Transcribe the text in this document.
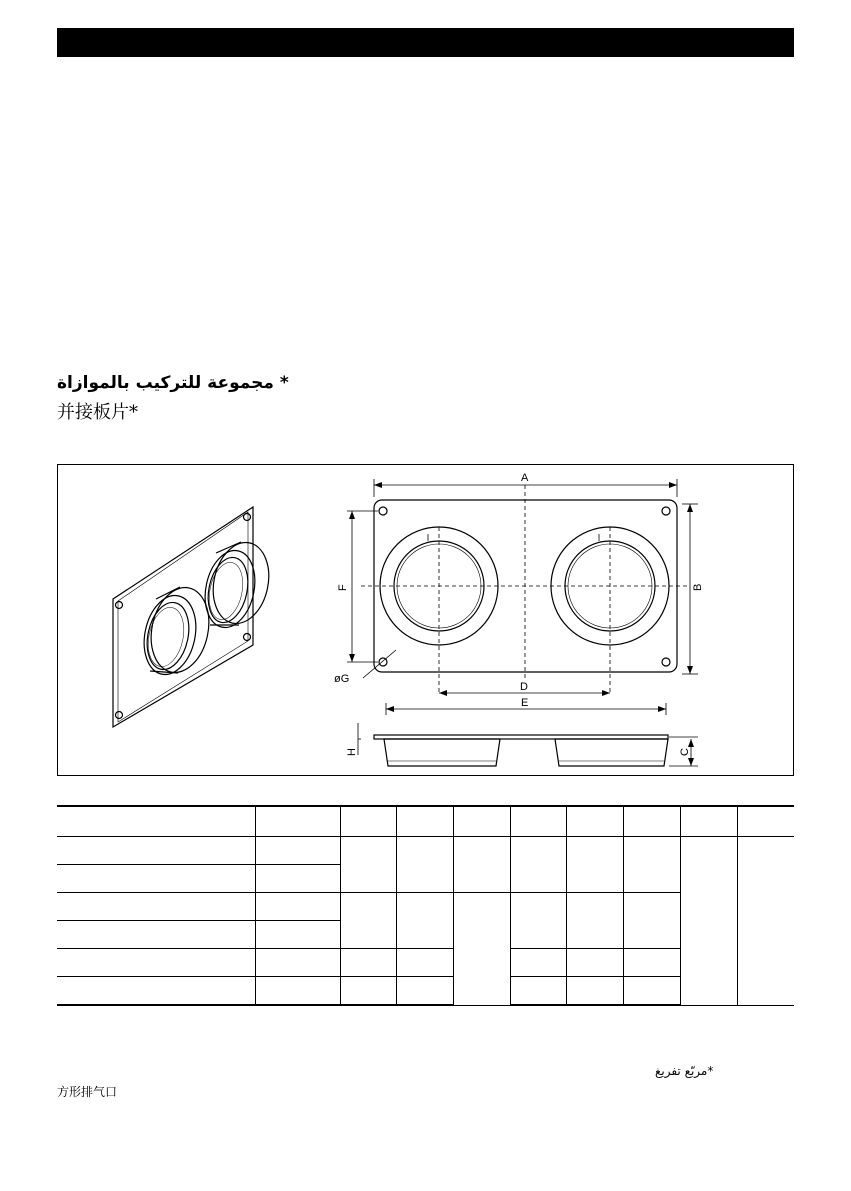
* مجموعة للتركيب بالموازاة
并接板片*
A
B
F
D
E
øG
H	C

*مربّع تفريغ
方形排气口
